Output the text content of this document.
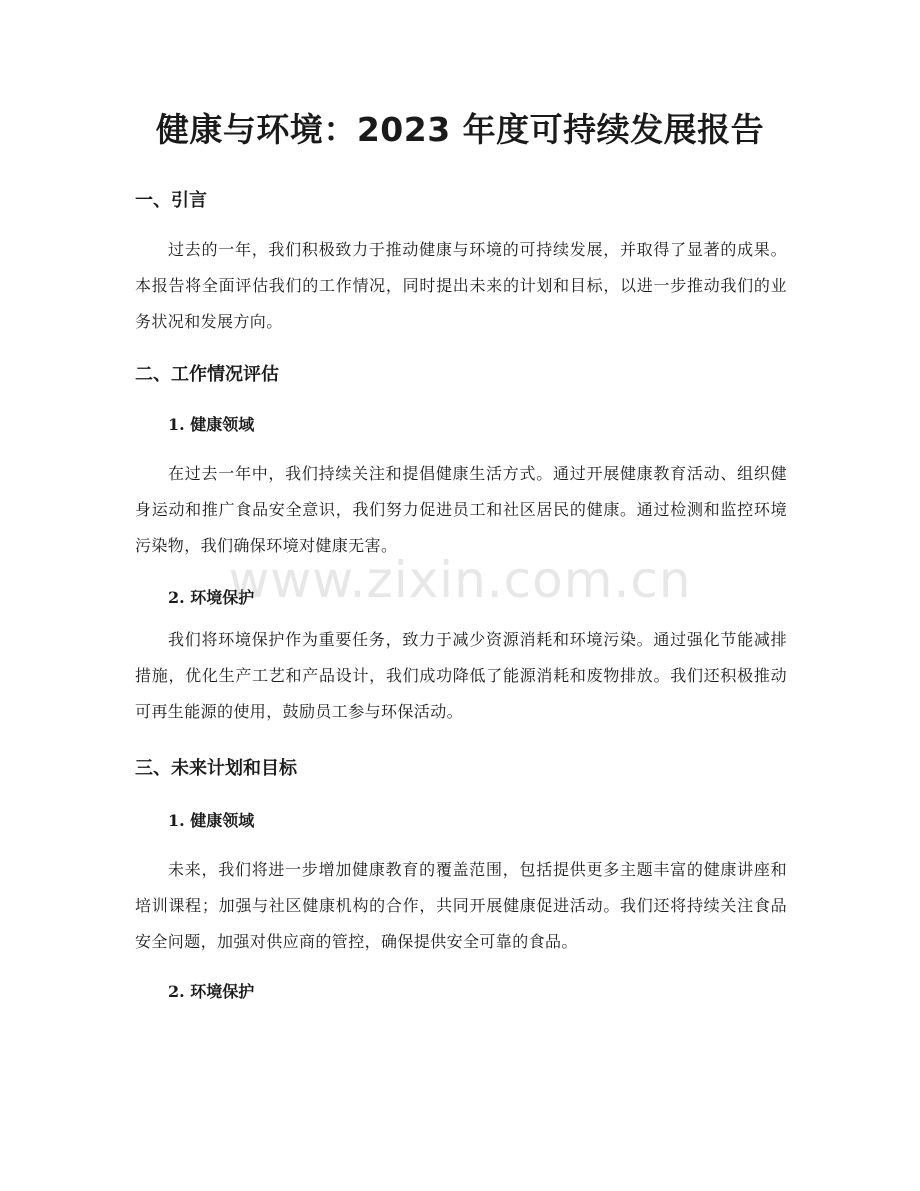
健康与环境：2023 年度可持续发展报告
一、引言

过去的一年，我们积极致力于推动健康与环境的可持续发展，并取得了显著的成果。本报告将全面评估我们的工作情况，同时提出未来的计划和目标，以进一步推动我们的业务状况和发展方向。

二、工作情况评估
1. 健康领域

在过去一年中，我们持续关注和提倡健康生活方式。通过开展健康教育活动、组织健身运动和推广食品安全意识，我们努力促进员工和社区居民的健康。通过检测和监控环境污染物，我们确保环境对健康无害。

2. 环境保护

我们将环境保护作为重要任务，致力于减少资源消耗和环境污染。通过强化节能减排措施，优化生产工艺和产品设计，我们成功降低了能源消耗和废物排放。我们还积极推动可再生能源的使用，鼓励员工参与环保活动。

三、未来计划和目标
1. 健康领域

未来，我们将进一步增加健康教育的覆盖范围，包括提供更多主题丰富的健康讲座和培训课程；加强与社区健康机构的合作，共同开展健康促进活动。我们还将持续关注食品安全问题，加强对供应商的管控，确保提供安全可靠的食品。

2. 环境保护
www.zixin.com.cn
